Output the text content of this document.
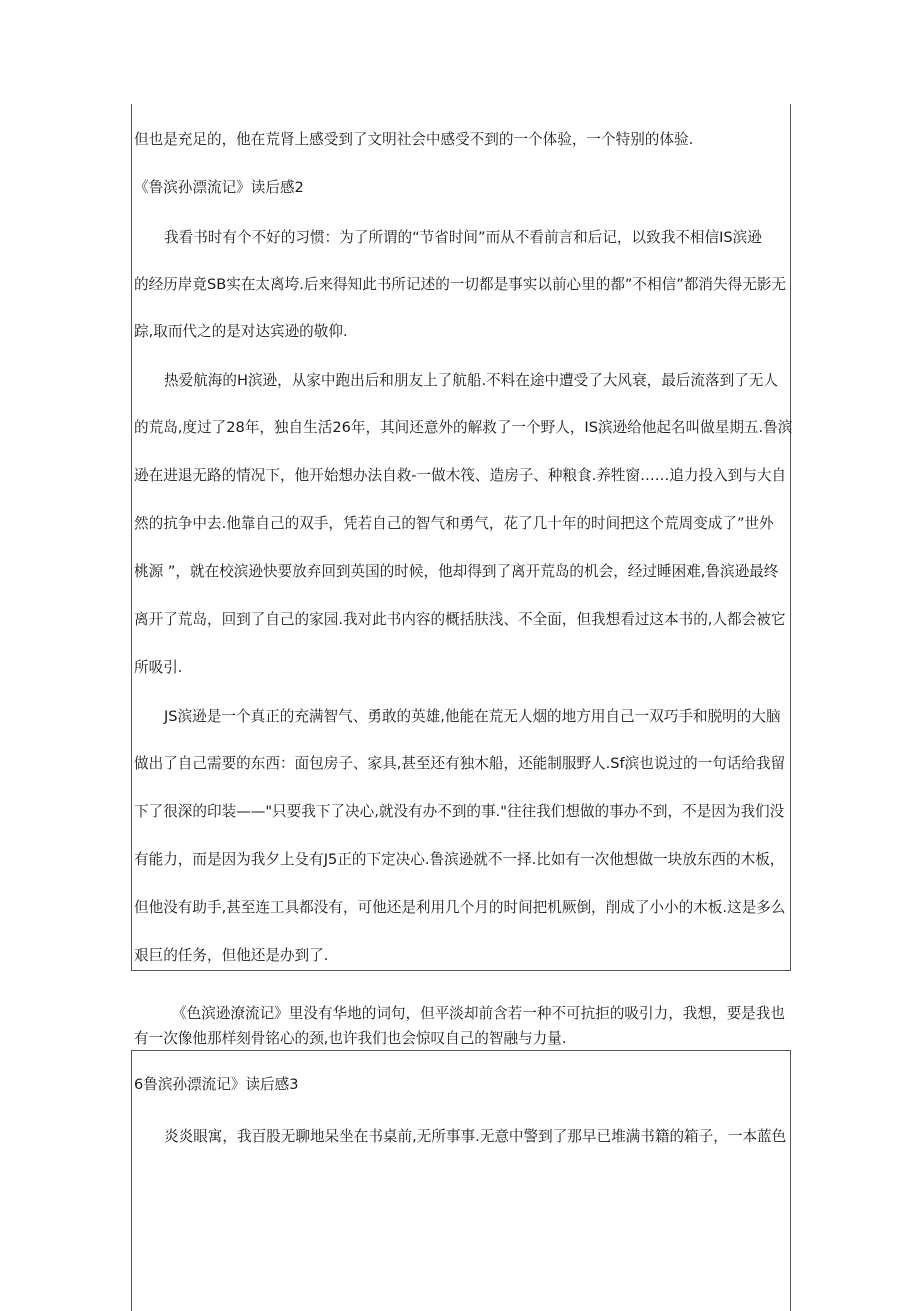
但也是充足的，他在荒肾上感受到了文明社会中感受不到的一个体验，一个特别的体验.
《鲁滨孙漂流记》读后感2
我看书时有个不好的习惯：为了所谓的“节省时间”而从不看前言和后记，以致我不相信IS滨逊
的经历岸竟SB实在太离垮.后来得知此书所记述的一切都是事实以前心里的都”不相信”都消失得无影无
踪,取而代之的是对达宾逊的敬仰.
热爱航海的H滨逊，从家中跑出后和朋友上了航船.不料在途中遭受了大风衰，最后流落到了无人
的荒岛,度过了28年，独自生活26年，其间还意外的解救了一个野人，IS滨逊给他起名叫做星期五.鲁滨
逊在进退无路的情况下，他开始想办法自救-一做木筏、造房子、种粮食.养牲窗……追力投入到与大自
然的抗争中去.他靠自己的双手，凭若自己的智气和勇气，花了几十年的时间把这个荒周变成了”世外
桃源 ”，就在校滨逊快要放弃回到英国的时候，他却得到了离开荒岛的机会，经过睡困难,鲁滨逊最终
离开了荒岛，回到了自己的家园.我对此书内容的概括肤浅、不全面，但我想看过这本书的,人都会被它
所吸引.
JS滨逊是一个真正的充满智气、勇敢的英雄,他能在荒无人烟的地方用自己一双巧手和脱明的大脑
做出了自己需要的东西：面包房子、家具,甚至还有独木船，还能制服野人.Sf滨也说过的一句话给我留
下了很深的印装——"只要我下了决心,就没有办不到的事."往往我们想做的事办不到，不是因为我们没
有能力，而是因为我夕上殳有J5正的下定决心.鲁滨逊就不一择.比如有一次他想做一块放东西的木板，
但他没有助手,甚至连工具都没有，可他还是利用几个月的时间把机厥倒，削成了小小的木板.这是多么
艰巨的任务，但他还是办到了.
《色滨逊潦流记》里没有华地的词句，但平淡却前含若一种不可抗拒的吸引力，我想，要是我也
有一次像他那样刻骨铭心的颈,也许我们也会惊叹自己的智融与力量.
6鲁滨孙漂流记》读后感3
炎炎眼寓，我百股无聊地呆坐在书桌前,无所事事.无意中警到了那早已堆满书籍的箱子，一本蓝色
